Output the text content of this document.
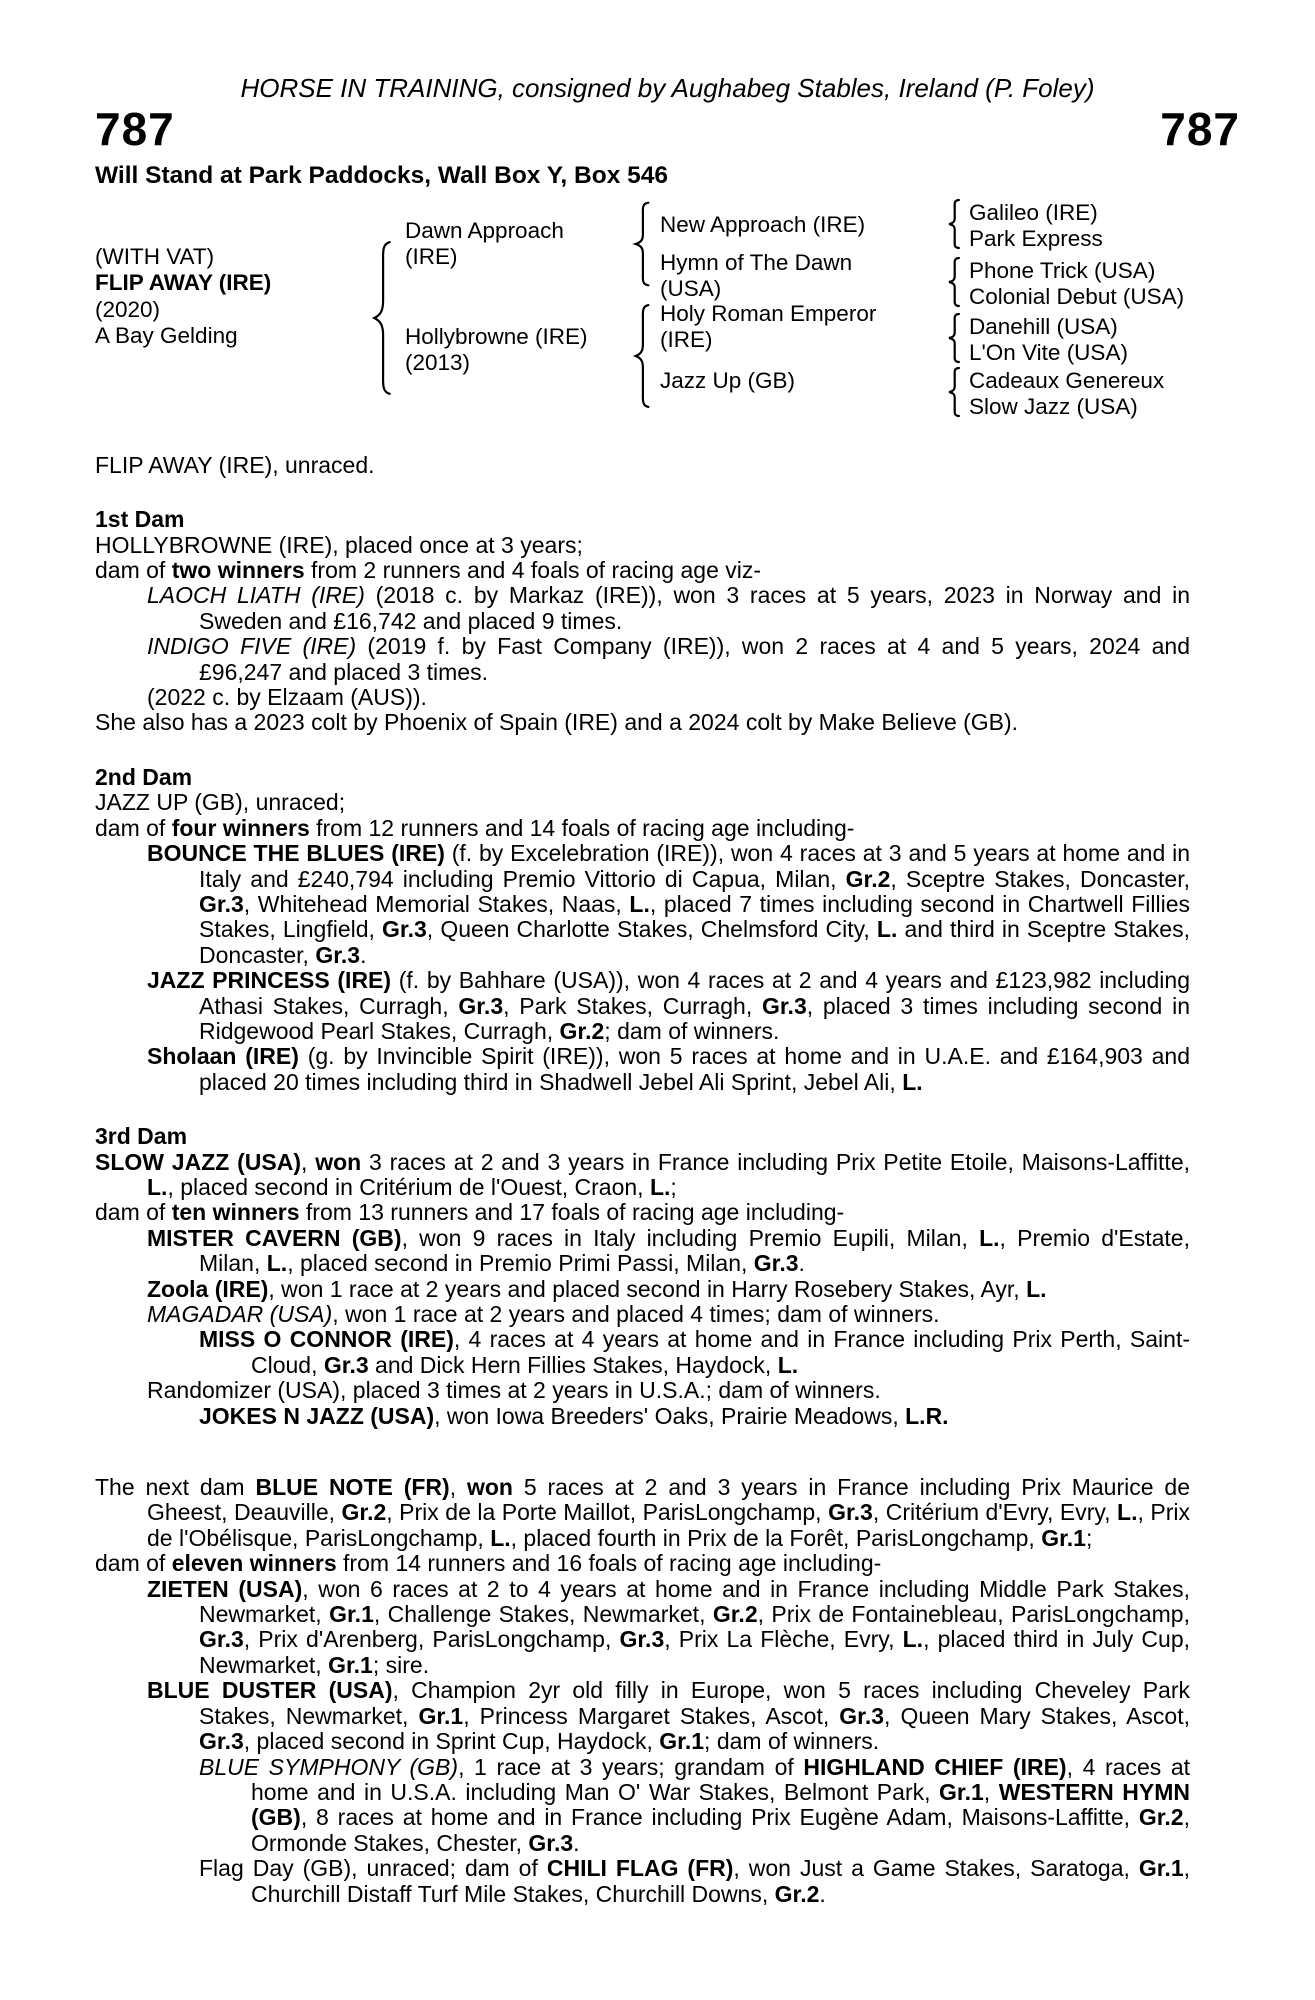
HORSE IN TRAINING, consigned by Aughabeg Stables, Ireland (P. Foley)
787	787
Will Stand at Park Paddocks, Wall Box Y, Box 546
(WITH VAT)
FLIP AWAY (IRE)
(2020)
A Bay Gelding
Dawn Approach
(IRE)
Hollybrowne (IRE)
(2013)
New Approach (IRE)
Hymn of The Dawn
(USA)
Holy Roman Emperor
(IRE)
Jazz Up (GB)
Galileo (IRE)
Park Express
Phone Trick (USA)
Colonial Debut (USA)
Danehill (USA)
L'On Vite (USA)
Cadeaux Genereux
Slow Jazz (USA)

FLIP AWAY (IRE), unraced.

1st Dam

HOLLYBROWNE (IRE), placed once at 3 years;

dam of two winners from 2 runners and 4 foals of racing age viz-

LAOCH LIATH (IRE) (2018 c. by Markaz (IRE)), won 3 races at 5 years, 2023 in Norway and in Sweden and £16,742 and placed 9 times.

INDIGO FIVE (IRE) (2019 f. by Fast Company (IRE)), won 2 races at 4 and 5 years, 2024 and £96,247 and placed 3 times.

(2022 c. by Elzaam (AUS)).

She also has a 2023 colt by Phoenix of Spain (IRE) and a 2024 colt by Make Believe (GB).

2nd Dam

JAZZ UP (GB), unraced;

dam of four winners from 12 runners and 14 foals of racing age including-

BOUNCE THE BLUES (IRE) (f. by Excelebration (IRE)), won 4 races at 3 and 5 years at home and in Italy and £240,794 including Premio Vittorio di Capua, Milan, Gr.2, Sceptre Stakes, Doncaster, Gr.3, Whitehead Memorial Stakes, Naas, L., placed 7 times including second in Chartwell Fillies Stakes, Lingfield, Gr.3, Queen Charlotte Stakes, Chelmsford City, L. and third in Sceptre Stakes, Doncaster, Gr.3.

JAZZ PRINCESS (IRE) (f. by Bahhare (USA)), won 4 races at 2 and 4 years and £123,982 including Athasi Stakes, Curragh, Gr.3, Park Stakes, Curragh, Gr.3, placed 3 times including second in Ridgewood Pearl Stakes, Curragh, Gr.2; dam of winners.

Sholaan (IRE) (g. by Invincible Spirit (IRE)), won 5 races at home and in U.A.E. and £164,903 and placed 20 times including third in Shadwell Jebel Ali Sprint, Jebel Ali, L.

3rd Dam

SLOW JAZZ (USA), won 3 races at 2 and 3 years in France including Prix Petite Etoile, Maisons-Laffitte, L., placed second in Critérium de l'Ouest, Craon, L.;

dam of ten winners from 13 runners and 17 foals of racing age including-

MISTER CAVERN (GB), won 9 races in Italy including Premio Eupili, Milan, L., Premio d'Estate, Milan, L., placed second in Premio Primi Passi, Milan, Gr.3.

Zoola (IRE), won 1 race at 2 years and placed second in Harry Rosebery Stakes, Ayr, L.

MAGADAR (USA), won 1 race at 2 years and placed 4 times; dam of winners.

MISS O CONNOR (IRE), 4 races at 4 years at home and in France including Prix Perth, Saint-Cloud, Gr.3 and Dick Hern Fillies Stakes, Haydock, L.

Randomizer (USA), placed 3 times at 2 years in U.S.A.; dam of winners.

JOKES N JAZZ (USA), won Iowa Breeders' Oaks, Prairie Meadows, L.R.

The next dam BLUE NOTE (FR), won 5 races at 2 and 3 years in France including Prix Maurice de Gheest, Deauville, Gr.2, Prix de la Porte Maillot, ParisLongchamp, Gr.3, Critérium d'Evry, Evry, L., Prix de l'Obélisque, ParisLongchamp, L., placed fourth in Prix de la Forêt, ParisLongchamp, Gr.1;

dam of eleven winners from 14 runners and 16 foals of racing age including-

ZIETEN (USA), won 6 races at 2 to 4 years at home and in France including Middle Park Stakes, Newmarket, Gr.1, Challenge Stakes, Newmarket, Gr.2, Prix de Fontainebleau, ParisLongchamp, Gr.3, Prix d'Arenberg, ParisLongchamp, Gr.3, Prix La Flèche, Evry, L., placed third in July Cup, Newmarket, Gr.1; sire.

BLUE DUSTER (USA), Champion 2yr old filly in Europe, won 5 races including Cheveley Park Stakes, Newmarket, Gr.1, Princess Margaret Stakes, Ascot, Gr.3, Queen Mary Stakes, Ascot, Gr.3, placed second in Sprint Cup, Haydock, Gr.1; dam of winners.

BLUE SYMPHONY (GB), 1 race at 3 years; grandam of HIGHLAND CHIEF (IRE), 4 races at home and in U.S.A. including Man O' War Stakes, Belmont Park, Gr.1, WESTERN HYMN (GB), 8 races at home and in France including Prix Eugène Adam, Maisons-Laffitte, Gr.2, Ormonde Stakes, Chester, Gr.3.

Flag Day (GB), unraced; dam of CHILI FLAG (FR), won Just a Game Stakes, Saratoga, Gr.1, Churchill Distaff Turf Mile Stakes, Churchill Downs, Gr.2.
